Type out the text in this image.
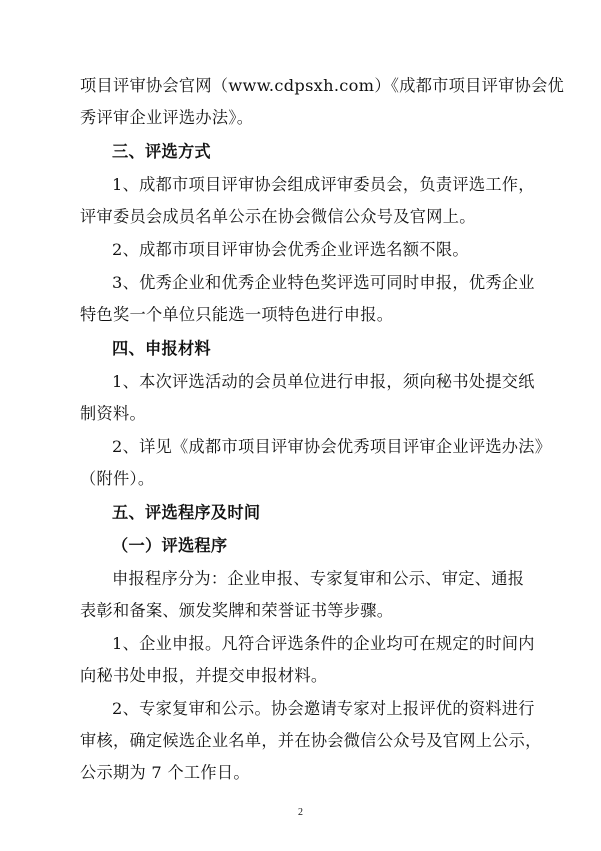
项目评审协会官网（www.cdpsxh.com）《成都市项目评审协会优
秀评审企业评选办法》。
三、评选方式
1、成都市项目评审协会组成评审委员会，负责评选工作，
评审委员会成员名单公示在协会微信公众号及官网上。
2、成都市项目评审协会优秀企业评选名额不限。
3、优秀企业和优秀企业特色奖评选可同时申报，优秀企业
特色奖一个单位只能选一项特色进行申报。
四、申报材料
1、本次评选活动的会员单位进行申报，须向秘书处提交纸
制资料。
2、详见《成都市项目评审协会优秀项目评审企业评选办法》
（附件）。
五、评选程序及时间
（一）评选程序
申报程序分为：企业申报、专家复审和公示、审定、通报
表彰和备案、颁发奖牌和荣誉证书等步骤。
1、企业申报。凡符合评选条件的企业均可在规定的时间内
向秘书处申报，并提交申报材料。
2、专家复审和公示。协会邀请专家对上报评优的资料进行
审核，确定候选企业名单，并在协会微信公众号及官网上公示，
公示期为 7 个工作日。
2
